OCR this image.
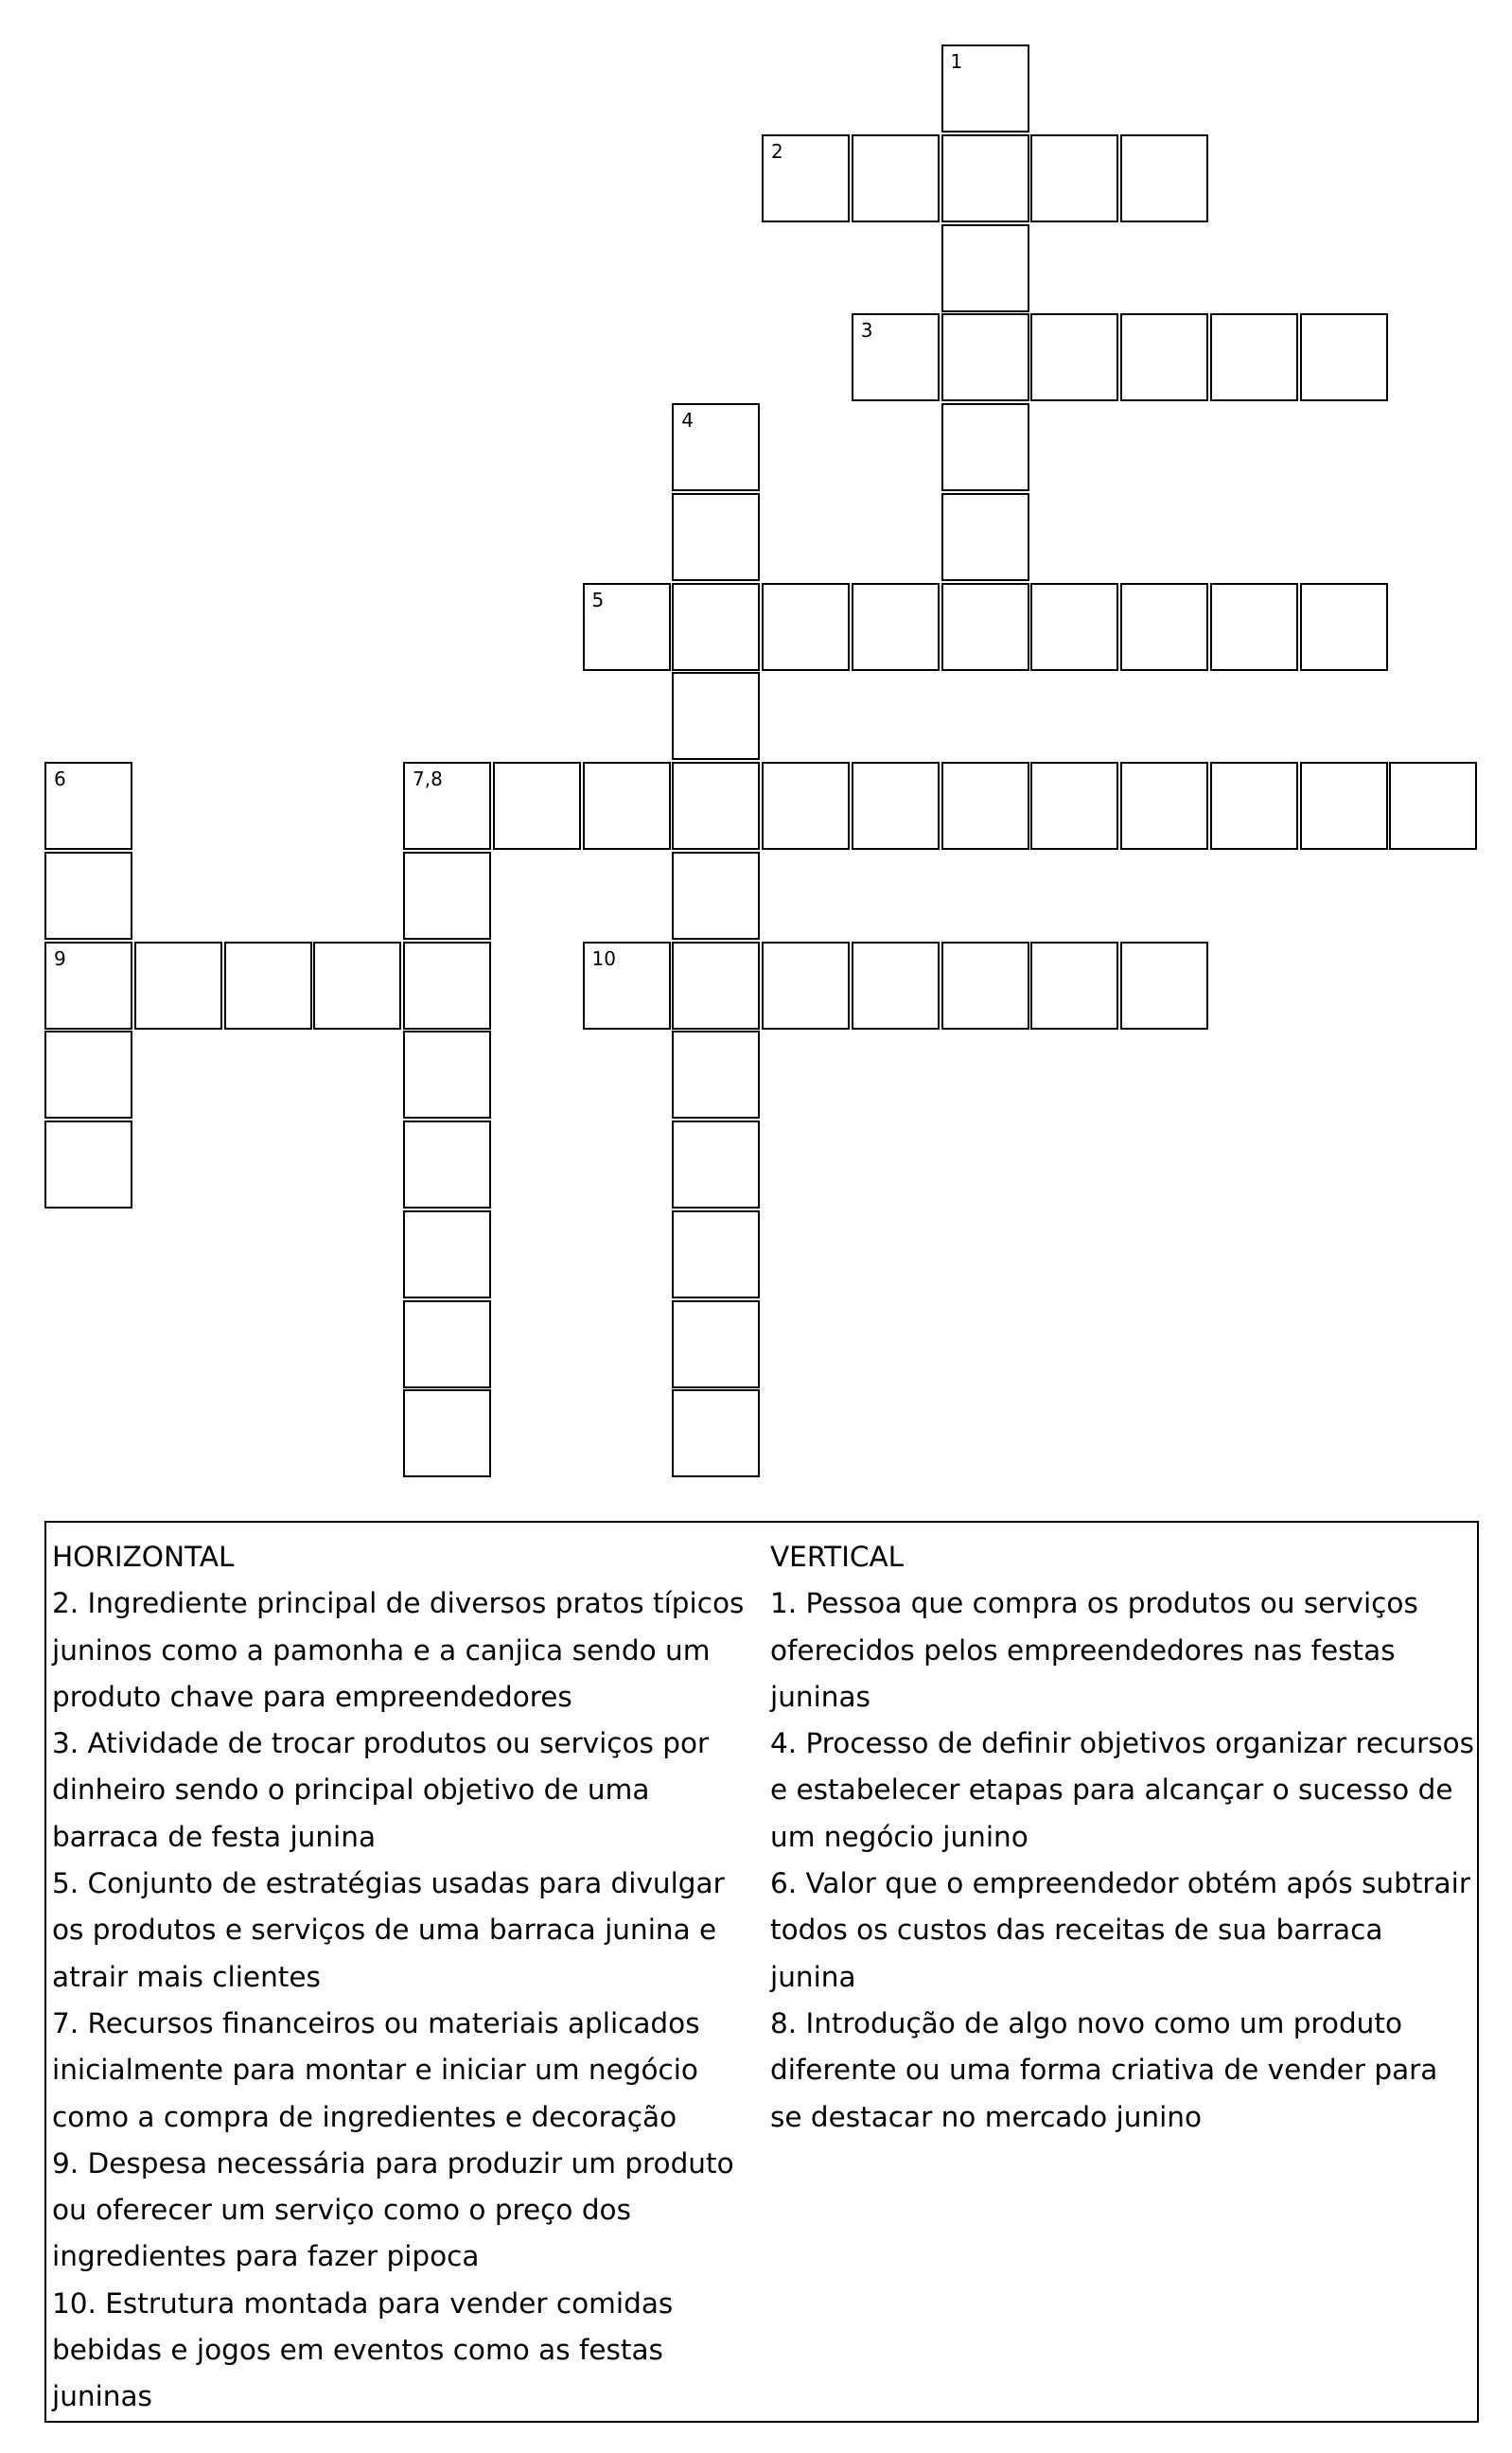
1
2
3
4
5
6
9
7,8
10
HORIZONTAL
2. Ingrediente principal de diversos pratos típicos juninos como a pamonha e a canjica sendo um produto chave para empreendedores
3. Atividade de trocar produtos ou serviços por dinheiro sendo o principal objetivo de uma barraca de festa junina
5. Conjunto de estratégias usadas para divulgar os produtos e serviços de uma barraca junina e atrair mais clientes
7. Recursos financeiros ou materiais aplicados inicialmente para montar e iniciar um negócio como a compra de ingredientes e decoração
9. Despesa necessária para produzir um produto ou oferecer um serviço como o preço dos ingredientes para fazer pipoca
10. Estrutura montada para vender comidas bebidas e jogos em eventos como as festas juninas
VERTICAL
1. Pessoa que compra os produtos ou serviços oferecidos pelos empreendedores nas festas juninas
4. Processo de definir objetivos organizar recursos e estabelecer etapas para alcançar o sucesso de um negócio junino
6. Valor que o empreendedor obtém após subtrair todos os custos das receitas de sua barraca junina
8. Introdução de algo novo como um produto diferente ou uma forma criativa de vender para se destacar no mercado junino
